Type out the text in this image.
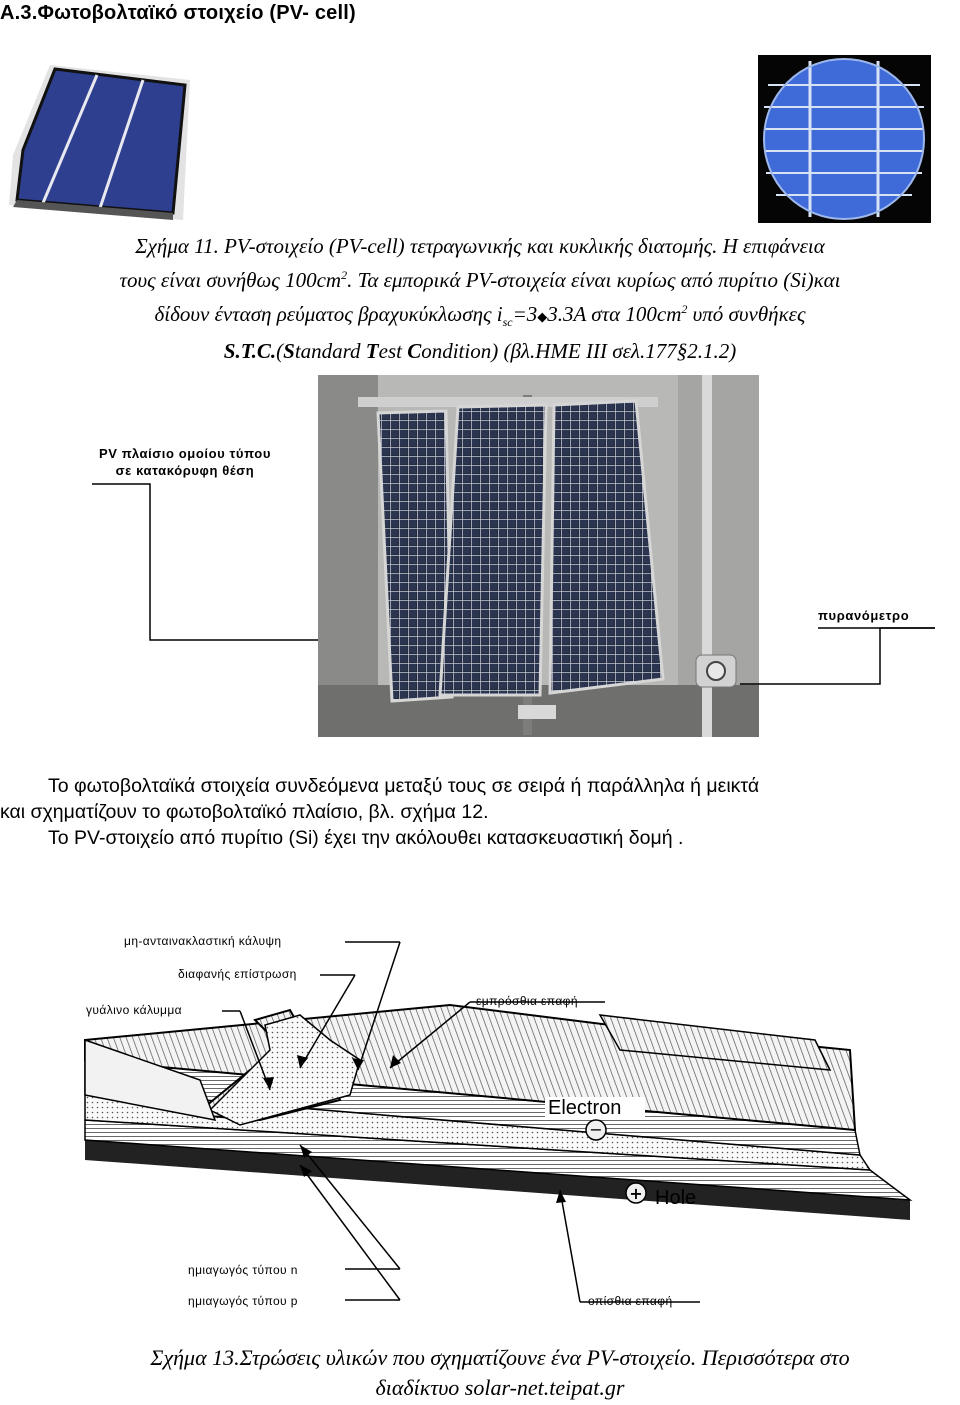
A.3.Φωτοβολταϊκό στοιχείο (PV- cell)
Σχήμα 11. PV-στοιχείο (PV-cell) τετραγωνικής και κυκλικής διατομής. Η επιφάνεια
τους είναι συνήθως $100cm^2$. Τα εμπορικά PV-στοιχεία είναι κυρίως από πυρίτιο (Si)και
δίδουν ένταση ρεύματος βραχυκύκλωσης $i_{sc}=3◆3.3A$ στα $100cm^2$ υπό συνθήκες
S.T.C.(Standard Test Condition) (βλ.ΗΜΕ ΙΙΙ σελ.177§2.1.2)
PV πλαίσιο ομοίου τύπου
σε κατακόρυφη θέση
πυρανόμετρο
Το φωτοβολταϊκά στοιχεία συνδεόμενα μεταξύ τους σε σειρά ή παράλληλα ή μεικτά
και σχηματίζουν το φωτοβολταϊκό πλαίσιο, βλ. σχήμα 12.
Το PV-στοιχείο από πυρίτιο (Si) έχει την ακόλουθει κατασκευαστική δομή .
−
+
Electron
Hole
μη-ανταινακλαστική κάλυψη
διαφανής επίστρωση
γυάλινο κάλυμμα
εμπρόσθια επαφή
ημιαγωγός τύπου n
ημιαγωγός τύπου p	οπίσθια επαφή
Σχήμα 13.Στρώσεις υλικών που σχηματίζουνε ένα PV-στοιχείο. Περισσότερα στο
διαδίκτυο solar-net.teipat.gr
